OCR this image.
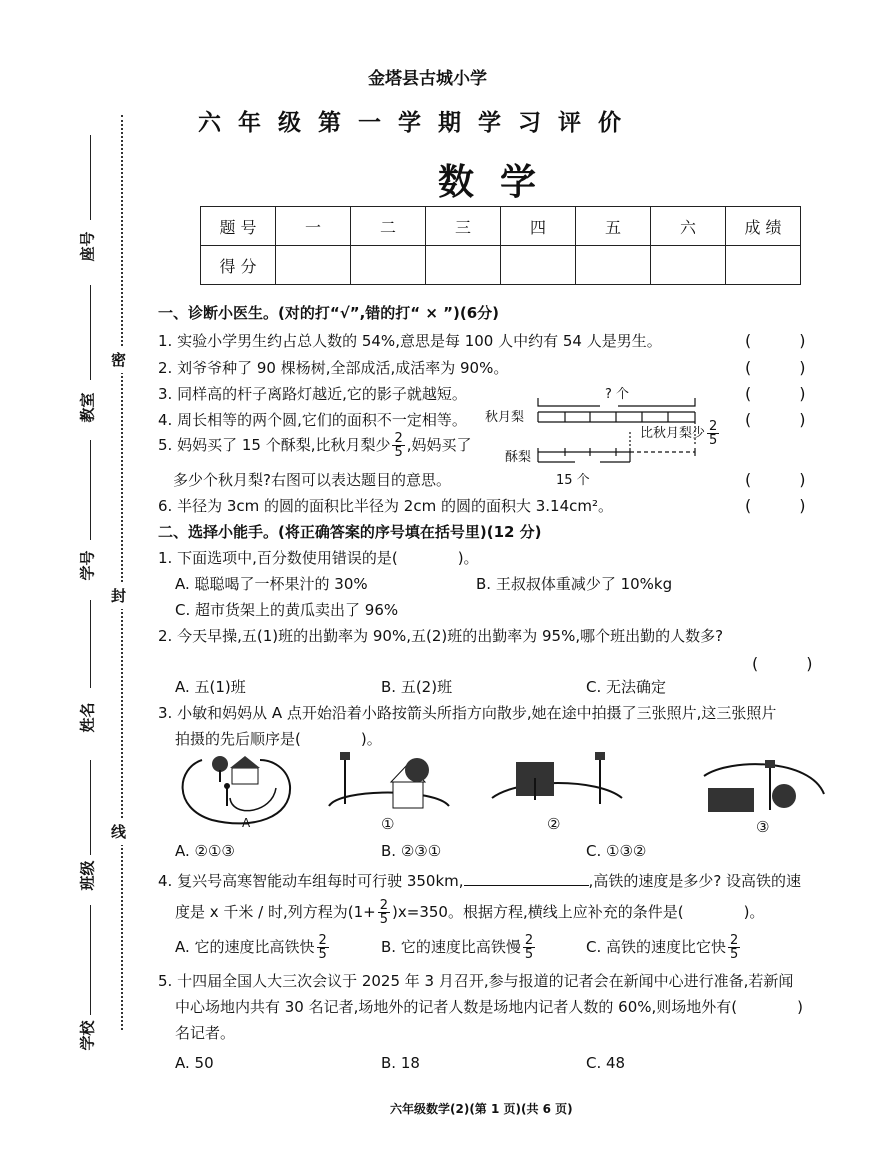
金塔县古城小学
六年级第一学期学习评价
数学
题 号	一	二	三	四	五	六	成 绩
得 分							
密
封
线
座号
教室
学号
姓名
班级
学校
一、诊断小医生。(对的打“√”,错的打“ × ”)(6分)
1. 实验小学男生约占总人数的 54%,意思是每 100 人中约有 54 人是男生。	(　　　)
2. 刘爷爷种了 90 棵杨树,全部成活,成活率为 90%。	(　　　)
3. 同样高的杆子离路灯越近,它的影子就越短。	(　　　)
4. 周长相等的两个圆,它们的面积不一定相等。	(　　　)
5. 妈妈买了 15 个酥梨,比秋月梨少 $\frac{2}{5}$ ,妈妈买了
多少个秋月梨?右图可以表达题目的意思。	(　　　)
6. 半径为 3cm 的圆的面积比半径为 2cm 的圆的面积大 3.14cm²。	(　　　)
秋月梨
酥梨
? 个
15 个
比秋月梨少 $\frac{2}{5}$
二、选择小能手。(将正确答案的序号填在括号里)(12 分)
1. 下面选项中,百分数使用错误的是(　　　　)。
A. 聪聪喝了一杯果汁的 30%	B. 王叔叔体重减少了 10%kg
C. 超市货架上的黄瓜卖出了 96%
2. 今天早操,五(1)班的出勤率为 90%,五(2)班的出勤率为 95%,哪个班出勤的人数多?
(　　　)
A. 五(1)班	B. 五(2)班	C. 无法确定
3. 小敏和妈妈从 A 点开始沿着小路按箭头所指方向散步,她在途中拍摄了三张照片,这三张照片
拍摄的先后顺序是(　　　　)。
A	①	②	③
A. ②①③	B. ②③①	C. ①③②
4. 复兴号高寒智能动车组每时可行驶 350km,	,高铁的速度是多少? 设高铁的速
度是 x 千米 / 时,列方程为$(1+ \frac{2}{5} )x=350$。根据方程,横线上应补充的条件是(　　　　)。
A. 它的速度比高铁快 $\frac{2}{5}$	B. 它的速度比高铁慢 $\frac{2}{5}$	C. 高铁的速度比它快 $\frac{2}{5}$
5. 十四届全国人大三次会议于 2025 年 3 月召开,参与报道的记者会在新闻中心进行准备,若新闻
中心场地内共有 30 名记者,场地外的记者人数是场地内记者人数的 60%,则场地外有(　　　　)
名记者。
A. 50	B. 18	C. 48
六年级数学(2)(第 1 页)(共 6 页)
